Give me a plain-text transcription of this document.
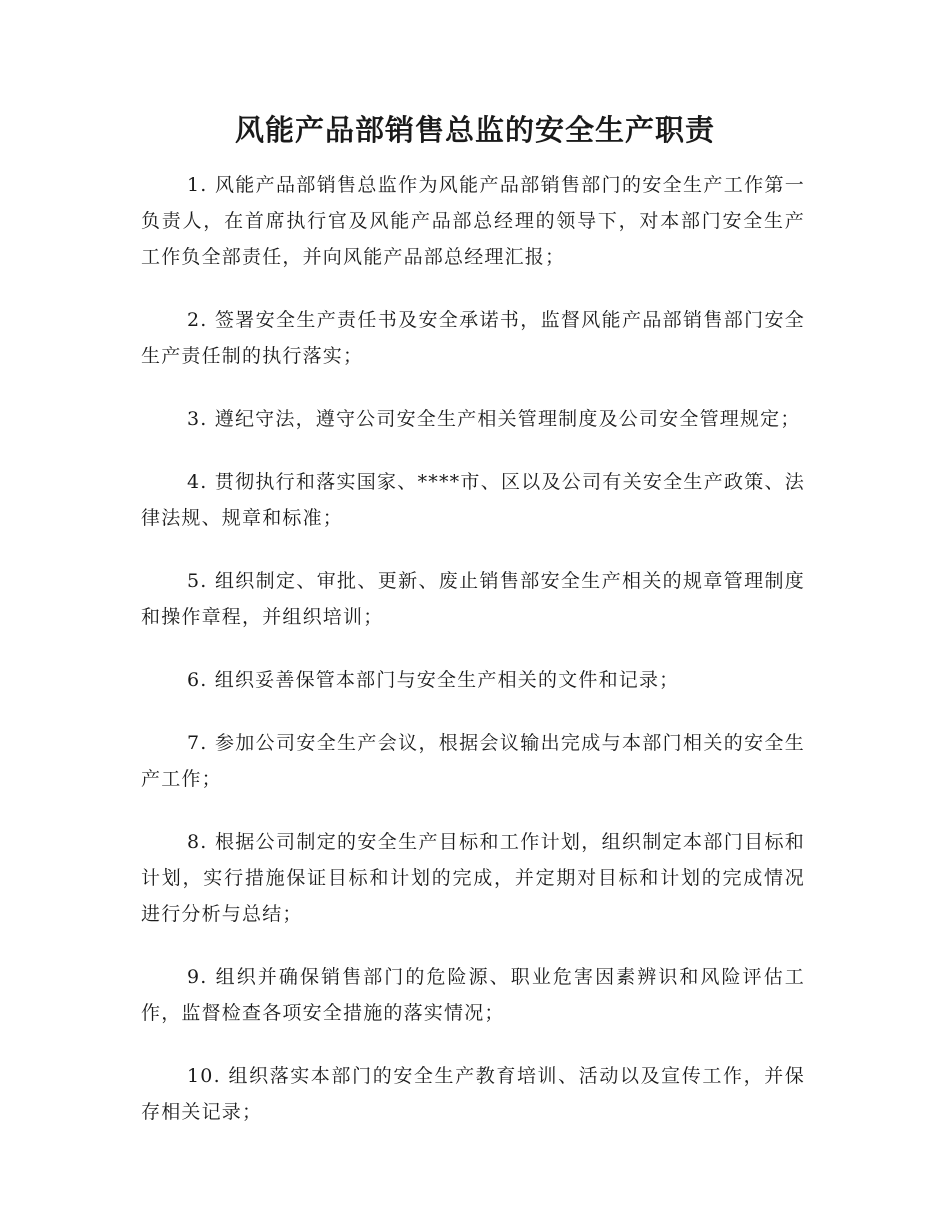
风能产品部销售总监的安全生产职责

1. 风能产品部销售总监作为风能产品部销售部门的安全生产工作第一负责人，在首席执行官及风能产品部总经理的领导下，对本部门安全生产工作负全部责任，并向风能产品部总经理汇报；

2. 签署安全生产责任书及安全承诺书，监督风能产品部销售部门安全生产责任制的执行落实；

3. 遵纪守法，遵守公司安全生产相关管理制度及公司安全管理规定；

4. 贯彻执行和落实国家、****市、区以及公司有关安全生产政策、法律法规、规章和标准；

5. 组织制定、审批、更新、废止销售部安全生产相关的规章管理制度和操作章程，并组织培训；

6. 组织妥善保管本部门与安全生产相关的文件和记录；

7. 参加公司安全生产会议，根据会议输出完成与本部门相关的安全生产工作；

8. 根据公司制定的安全生产目标和工作计划，组织制定本部门目标和计划，实行措施保证目标和计划的完成，并定期对目标和计划的完成情况进行分析与总结；

9. 组织并确保销售部门的危险源、职业危害因素辨识和风险评估工作，监督检查各项安全措施的落实情况；

10. 组织落实本部门的安全生产教育培训、活动以及宣传工作，并保存相关记录；
